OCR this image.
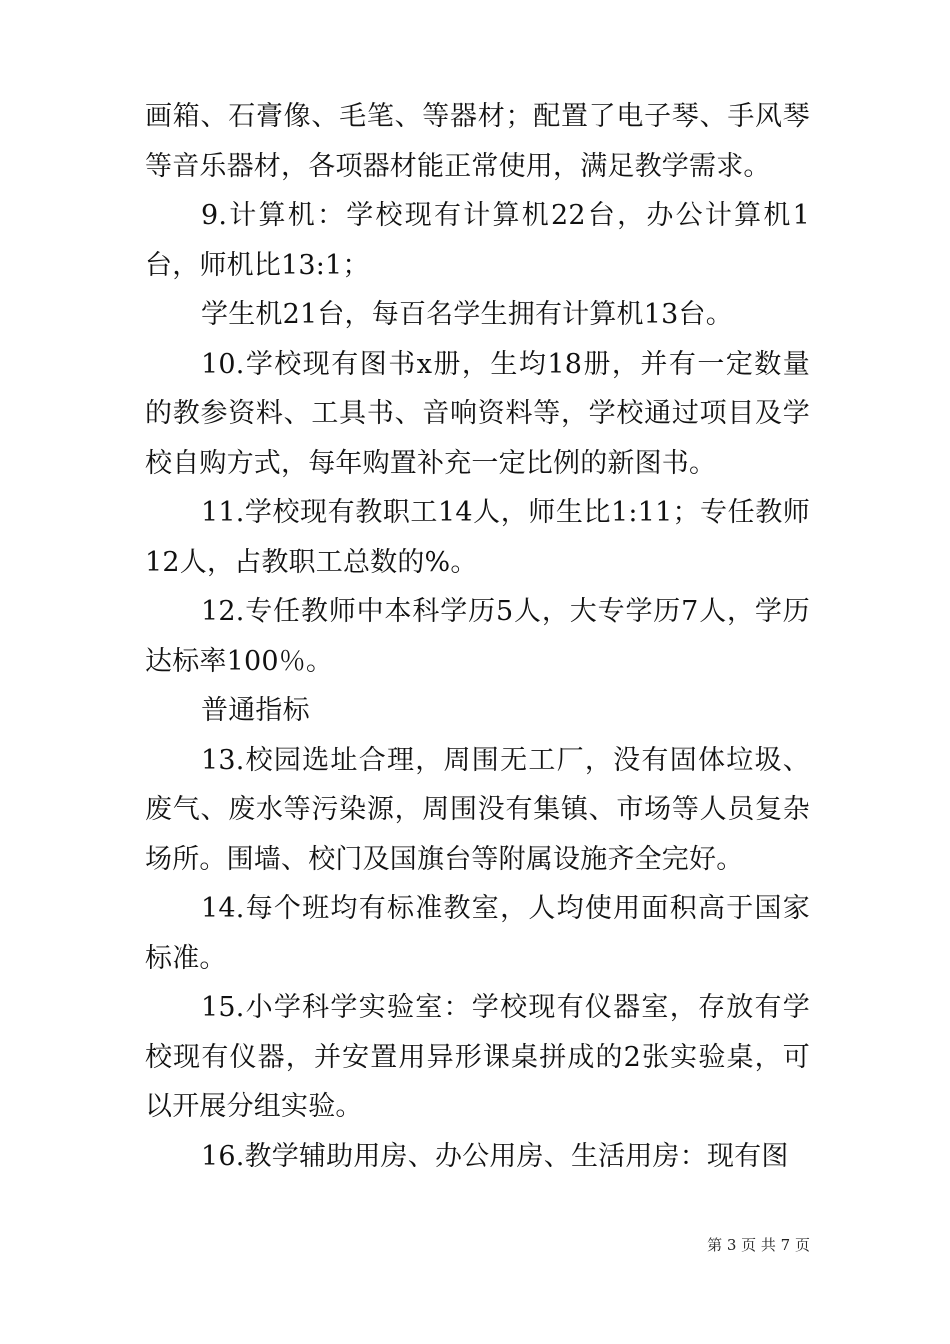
画箱、石膏像、毛笔、等器材；配置了电子琴、手风琴等音乐器材，各项器材能正常使用，满足教学需求。

9.计算机：学校现有计算机22台，办公计算机1台，师机比13:1；

学生机21台，每百名学生拥有计算机13台。

10.学校现有图书x册，生均18册，并有一定数量的教参资料、工具书、音响资料等，学校通过项目及学校自购方式，每年购置补充一定比例的新图书。

11.学校现有教职工14人，师生比1:11；专任教师12人，占教职工总数的%。

12.专任教师中本科学历5人，大专学历7人，学历达标率100％。

普通指标

13.校园选址合理，周围无工厂，没有固体垃圾、废气、废水等污染源，周围没有集镇、市场等人员复杂场所。围墙、校门及国旗台等附属设施齐全完好。

14.每个班均有标准教室，人均使用面积高于国家标准。

15.小学科学实验室：学校现有仪器室，存放有学校现有仪器，并安置用异形课桌拼成的2张实验桌，可以开展分组实验。

16.教学辅助用房、办公用房、生活用房：现有图

第 3 页 共 7 页
